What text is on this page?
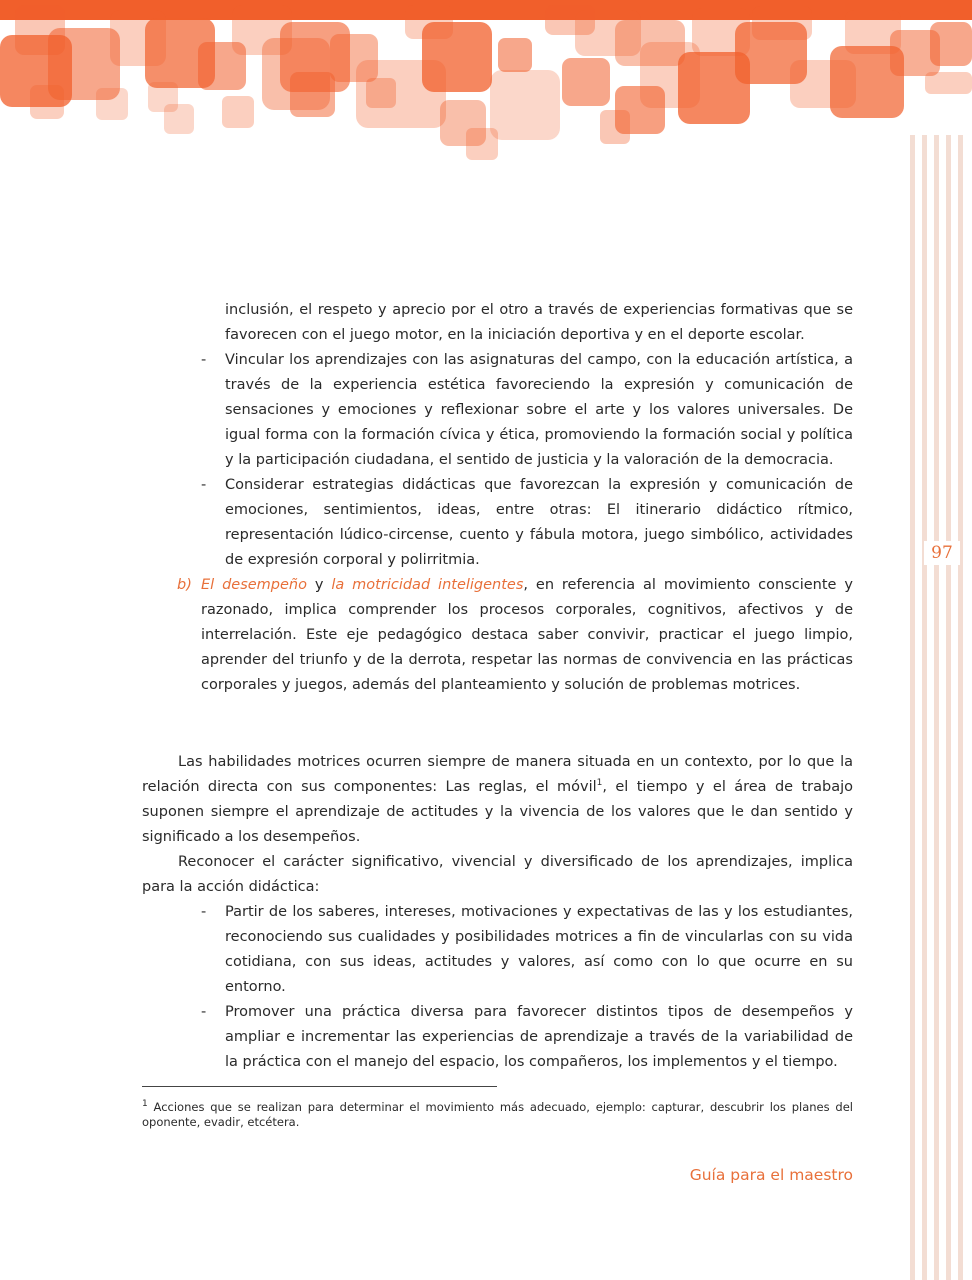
97

inclusión, el respeto y aprecio por el otro a través de experiencias formativas que se favorecen con el juego motor, en la iniciación deportiva y en el deporte escolar.

- Vincular los aprendizajes con las asignaturas del campo, con la educación artística, a través de la experiencia estética favoreciendo la expresión y comunicación de sensaciones y emociones y reflexionar sobre el arte y los valores universales. De igual forma con la formación cívica y ética, promoviendo la formación social y política y la participación ciudadana, el sentido de justicia y la valoración de la democracia.
- Considerar estrategias didácticas que favorezcan la expresión y comunicación de emociones, sentimientos, ideas, entre otras: El itinerario didáctico rítmico, representación lúdico-circense, cuento y fábula motora, juego simbólico, actividades de expresión corporal y polirritmia.
b) El desempeño y la motricidad inteligentes, en referencia al movimiento consciente y razonado, implica comprender los procesos corporales, cognitivos, afectivos y de interrelación. Este eje pedagógico destaca saber convivir, practicar el juego limpio, aprender del triunfo y de la derrota, respetar las normas de convivencia en las prácticas corporales y juegos, además del planteamiento y solución de problemas motrices.

Las habilidades motrices ocurren siempre de manera situada en un contexto, por lo que la relación directa con sus componentes: Las reglas, el móvil$^1$, el tiempo y el área de trabajo suponen siempre el aprendizaje de actitudes y la vivencia de los valores que le dan sentido y significado a los desempeños.

Reconocer el carácter significativo, vivencial y diversificado de los aprendizajes, implica para la acción didáctica:

- Partir de los saberes, intereses, motivaciones y expectativas de las y los estudiantes, reconociendo sus cualidades y posibilidades motrices a fin de vincularlas con su vida cotidiana, con sus ideas, actitudes y valores, así como con lo que ocurre en su entorno.
- Promover una práctica diversa para favorecer distintos tipos de desempeños y ampliar e incrementar las experiencias de aprendizaje a través de la variabilidad de la práctica con el manejo del espacio, los compañeros, los implementos y el tiempo.
$^1$ Acciones que se realizan para determinar el movimiento más adecuado, ejemplo: capturar, descubrir los planes del oponente, evadir, etcétera.
Guía para el maestro
